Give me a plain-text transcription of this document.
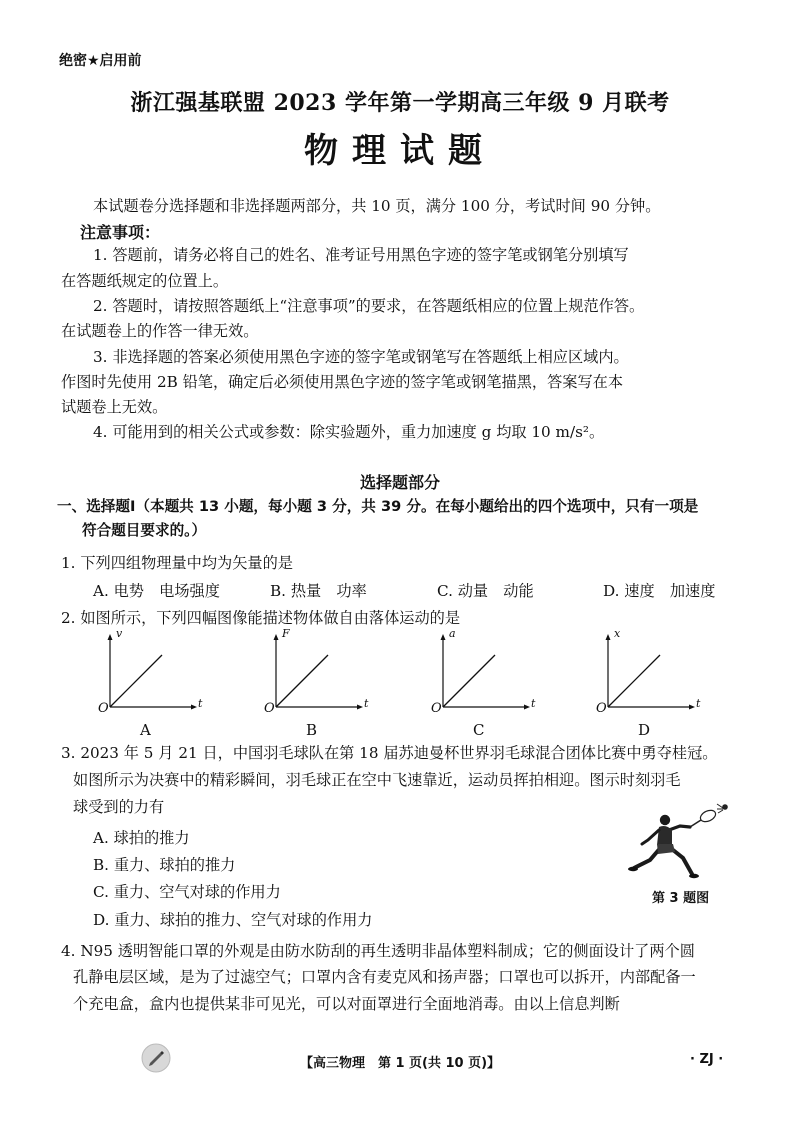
绝密★启用前
浙江强基联盟 2023 学年第一学期高三年级 9 月联考
物理试题
本试题卷分选择题和非选择题两部分，共 10 页，满分 100 分，考试时间 90 分钟。
注意事项：
1. 答题前，请务必将自己的姓名、准考证号用黑色字迹的签字笔或钢笔分别填写
在答题纸规定的位置上。
2. 答题时，请按照答题纸上“注意事项”的要求，在答题纸相应的位置上规范作答。
在试题卷上的作答一律无效。
3. 非选择题的答案必须使用黑色字迹的签字笔或钢笔写在答题纸上相应区域内。
作图时先使用 2B 铅笔，确定后必须使用黑色字迹的签字笔或钢笔描黑，答案写在本
试题卷上无效。
4. 可能用到的相关公式或参数：除实验题外，重力加速度 g 均取 10 m/s²。
选择题部分
一、选择题Ⅰ（本题共 13 小题，每小题 3 分，共 39 分。在每小题给出的四个选项中，只有一项是
符合题目要求的。）
1. 下列四组物理量中均为矢量的是
A. 电势　电场强度	B. 热量　功率	C. 动量　动能	D. 速度　加速度
2. 如图所示，下列四幅图像能描述物体做自由落体运动的是
v
t
O
A
F
t
O
B
a
t
O
C
x
t
O
D
3. 2023 年 5 月 21 日，中国羽毛球队在第 18 届苏迪曼杯世界羽毛球混合团体比赛中勇夺桂冠。
如图所示为决赛中的精彩瞬间，羽毛球正在空中飞速靠近，运动员挥拍相迎。图示时刻羽毛
球受到的力有
A. 球拍的推力
B. 重力、球拍的推力
C. 重力、空气对球的作用力
D. 重力、球拍的推力、空气对球的作用力
第 3 题图
4. N95 透明智能口罩的外观是由防水防刮的再生透明非晶体塑料制成；它的侧面设计了两个圆
孔静电层区域，是为了过滤空气；口罩内含有麦克风和扬声器；口罩也可以拆开，内部配备一
个充电盒，盒内也提供某非可见光，可以对面罩进行全面地消毒。由以上信息判断
【高三物理　第 1 页(共 10 页)】	· ZJ ·
